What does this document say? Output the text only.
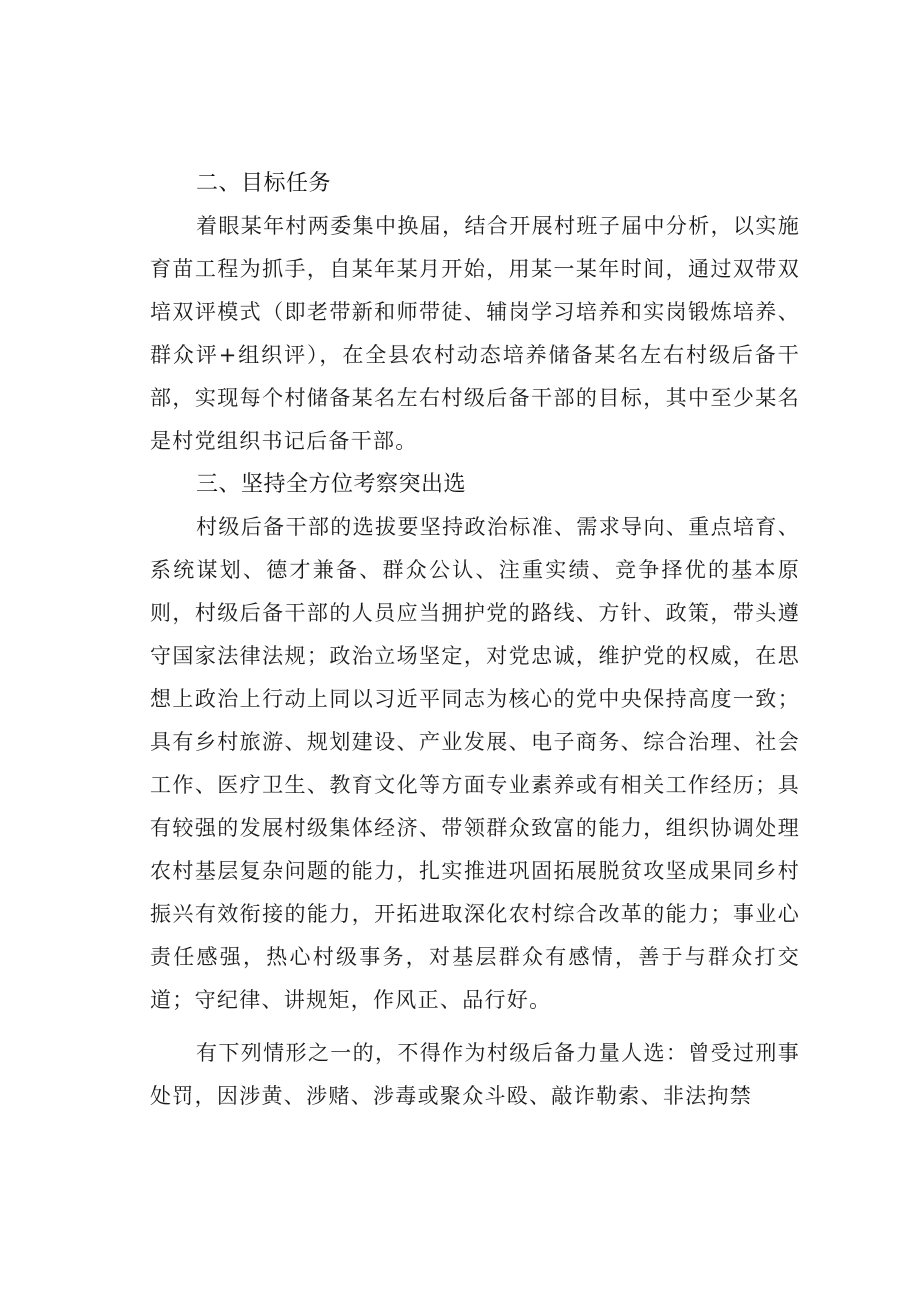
二、目标任务

着眼某年村两委集中换届，结合开展村班子届中分析，以实施育苗工程为抓手，自某年某月开始，用某一某年时间，通过双带双培双评模式（即老带新和师带徒、辅岗学习培养和实岗锻炼培养、群众评+组织评），在全县农村动态培养储备某名左右村级后备干部，实现每个村储备某名左右村级后备干部的目标，其中至少某名是村党组织书记后备干部。

三、坚持全方位考察突出选

村级后备干部的选拔要坚持政治标准、需求导向、重点培育、系统谋划、德才兼备、群众公认、注重实绩、竞争择优的基本原则，村级后备干部的人员应当拥护党的路线、方针、政策，带头遵守国家法律法规；政治立场坚定，对党忠诚，维护党的权威，在思想上政治上行动上同以习近平同志为核心的党中央保持高度一致；具有乡村旅游、规划建设、产业发展、电子商务、综合治理、社会工作、医疗卫生、教育文化等方面专业素养或有相关工作经历；具有较强的发展村级集体经济、带领群众致富的能力，组织协调处理农村基层复杂问题的能力，扎实推进巩固拓展脱贫攻坚成果同乡村振兴有效衔接的能力，开拓进取深化农村综合改革的能力；事业心责任感强，热心村级事务，对基层群众有感情，善于与群众打交道；守纪律、讲规矩，作风正、品行好。

有下列情形之一的，不得作为村级后备力量人选：曾受过刑事处罚，因涉黄、涉赌、涉毒或聚众斗殴、敲诈勒索、非法拘禁
